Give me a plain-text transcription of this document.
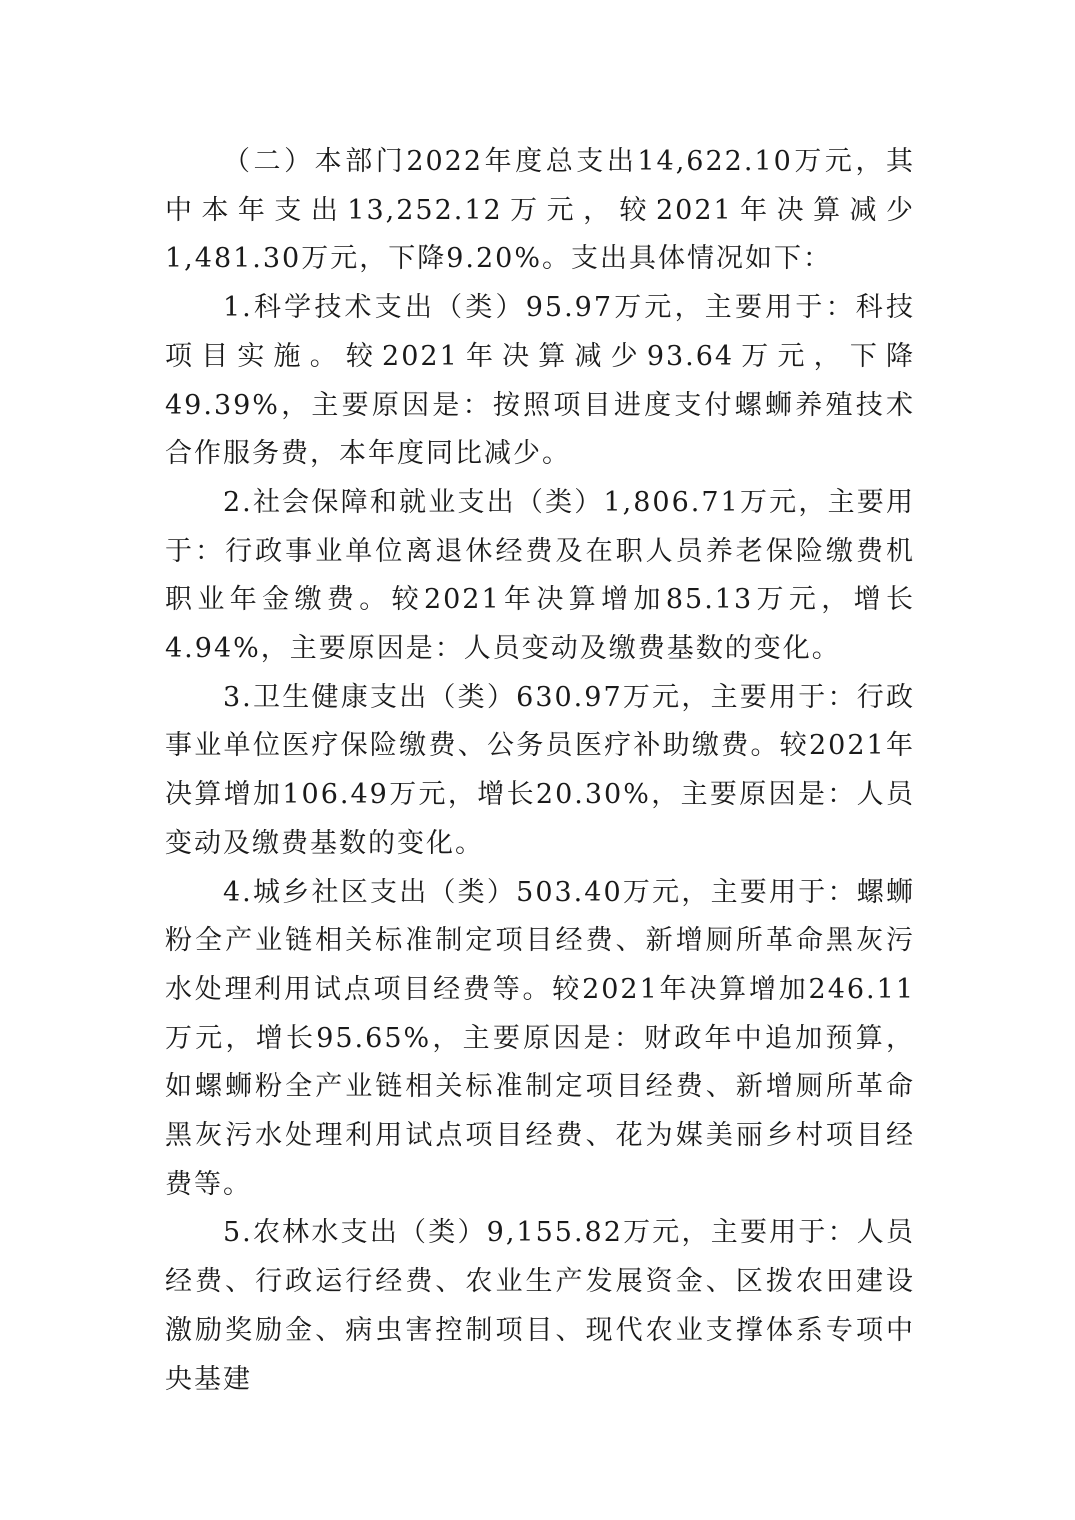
（二）本部门2022年度总支出14,622.10万元，其中本年支出13,252.12万元，较2021年决算减少1,481.30万元，下降9.20%。支出具体情况如下：

1.科学技术支出（类）95.97万元，主要用于：科技项目实施。较2021年决算减少93.64万元，下降49.39%，主要原因是：按照项目进度支付螺蛳养殖技术合作服务费，本年度同比减少。

2.社会保障和就业支出（类）1,806.71万元，主要用于：行政事业单位离退休经费及在职人员养老保险缴费机职业年金缴费。较2021年决算增加85.13万元，增长4.94%，主要原因是：人员变动及缴费基数的变化。

3.卫生健康支出（类）630.97万元，主要用于：行政事业单位医疗保险缴费、公务员医疗补助缴费。较2021年决算增加106.49万元，增长20.30%，主要原因是：人员变动及缴费基数的变化。

4.城乡社区支出（类）503.40万元，主要用于：螺蛳粉全产业链相关标准制定项目经费、新增厕所革命黑灰污水处理利用试点项目经费等。较2021年决算增加246.11万元，增长95.65%，主要原因是：财政年中追加预算，如螺蛳粉全产业链相关标准制定项目经费、新增厕所革命黑灰污水处理利用试点项目经费、花为媒美丽乡村项目经费等。

5.农林水支出（类）9,155.82万元，主要用于：人员经费、行政运行经费、农业生产发展资金、区拨农田建设激励奖励金、病虫害控制项目、现代农业支撑体系专项中央基建
